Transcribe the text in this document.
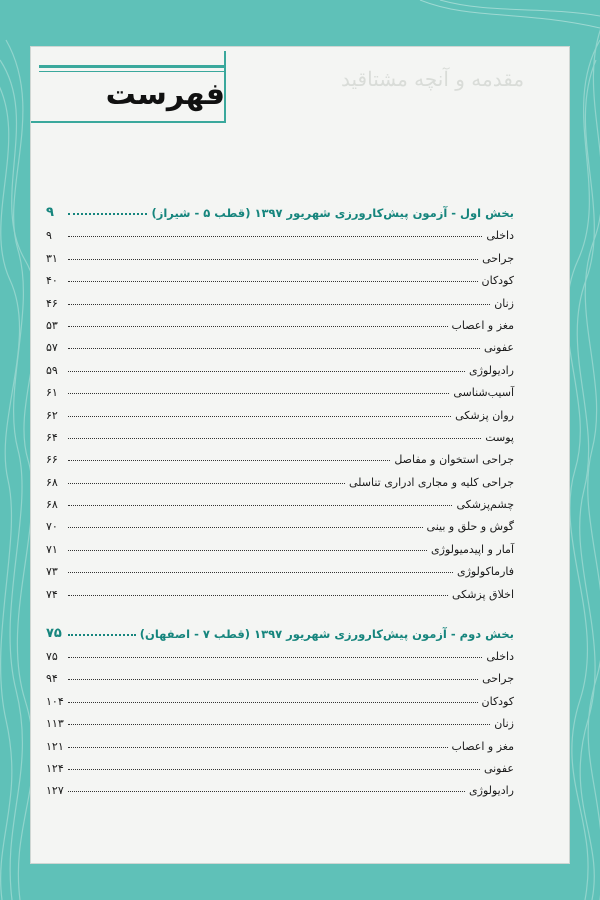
مقدمه و آنچه مشتاقید
فهرست
بخش اول - آزمون پیش‌کارورزی شهریور ۱۳۹۷ (قطب ۵ - شیراز)
۹
داخلی
۹
جراحی
۳۱
کودکان
۴۰
زنان
۴۶
مغز و اعصاب
۵۳
عفونی
۵۷
رادیولوژی
۵۹
آسیب‌شناسی
۶۱
روان پزشکی
۶۲
پوست
۶۴
جراحی استخوان و مفاصل
۶۶
جراحی کلیه و مجاری ادراری تناسلی
۶۸
چشم‌پزشکی
۶۸
گوش و حلق و بینی
۷۰
آمار و اپیدمیولوژی
۷۱
فارماکولوژی
۷۳
اخلاق پزشکی
۷۴
بخش دوم - آزمون پیش‌کارورزی شهریور ۱۳۹۷ (قطب ۷ - اصفهان)
۷۵
داخلی
۷۵
جراحی
۹۴
کودکان
۱۰۴
زنان
۱۱۳
مغز و اعصاب
۱۲۱
عفونی
۱۲۴
رادیولوژی
۱۲۷
